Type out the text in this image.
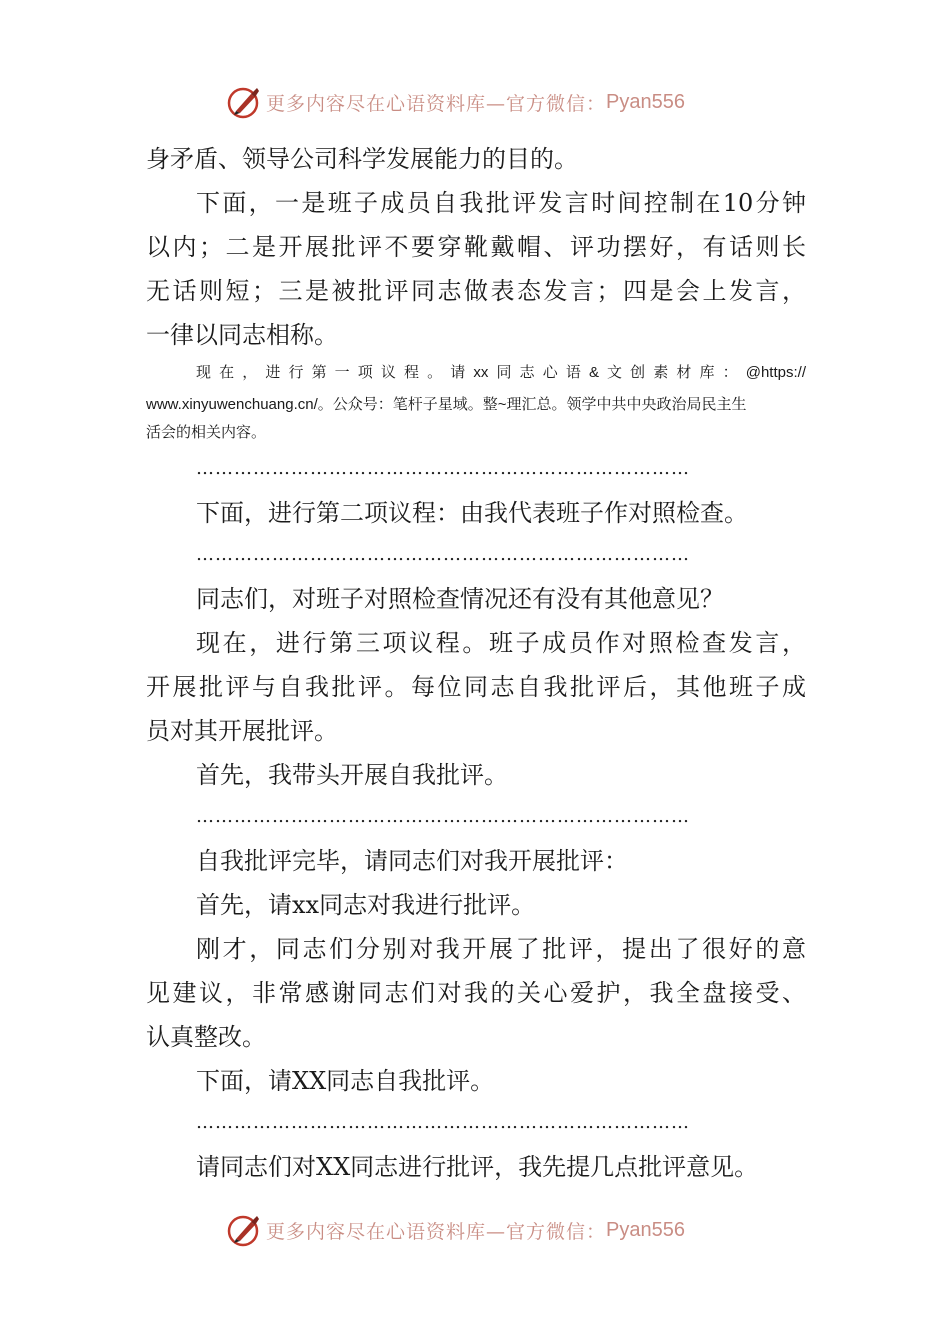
更多内容尽在心语资料库—官方微信： Pyan556
身矛盾、领导公司科学发展能力的目的。
下面，一是班子成员自我批评发言时间控制在10分钟
以内；二是开展批评不要穿靴戴帽、评功摆好，有话则长
无话则短；三是被批评同志做表态发言；四是会上发言，
一律以同志相称。
现在，进行第一项议程。请xx同志心语&文创素材库：@https://
www.xinyuwenchuang.cn/。公众号：笔杆子星域。整~理汇总。领学中共中央政治局民主生
活会的相关内容。
……………………………………………………………………
下面，进行第二项议程：由我代表班子作对照检查。
……………………………………………………………………
同志们，对班子对照检查情况还有没有其他意见？
现在，进行第三项议程。班子成员作对照检查发言，
开展批评与自我批评。每位同志自我批评后，其他班子成
员对其开展批评。
首先，我带头开展自我批评。
……………………………………………………………………
自我批评完毕，请同志们对我开展批评：
首先，请xx同志对我进行批评。
刚才，同志们分别对我开展了批评，提出了很好的意
见建议，非常感谢同志们对我的关心爱护，我全盘接受、
认真整改。
下面，请XX同志自我批评。
……………………………………………………………………
请同志们对XX同志进行批评，我先提几点批评意见。
更多内容尽在心语资料库—官方微信： Pyan556
